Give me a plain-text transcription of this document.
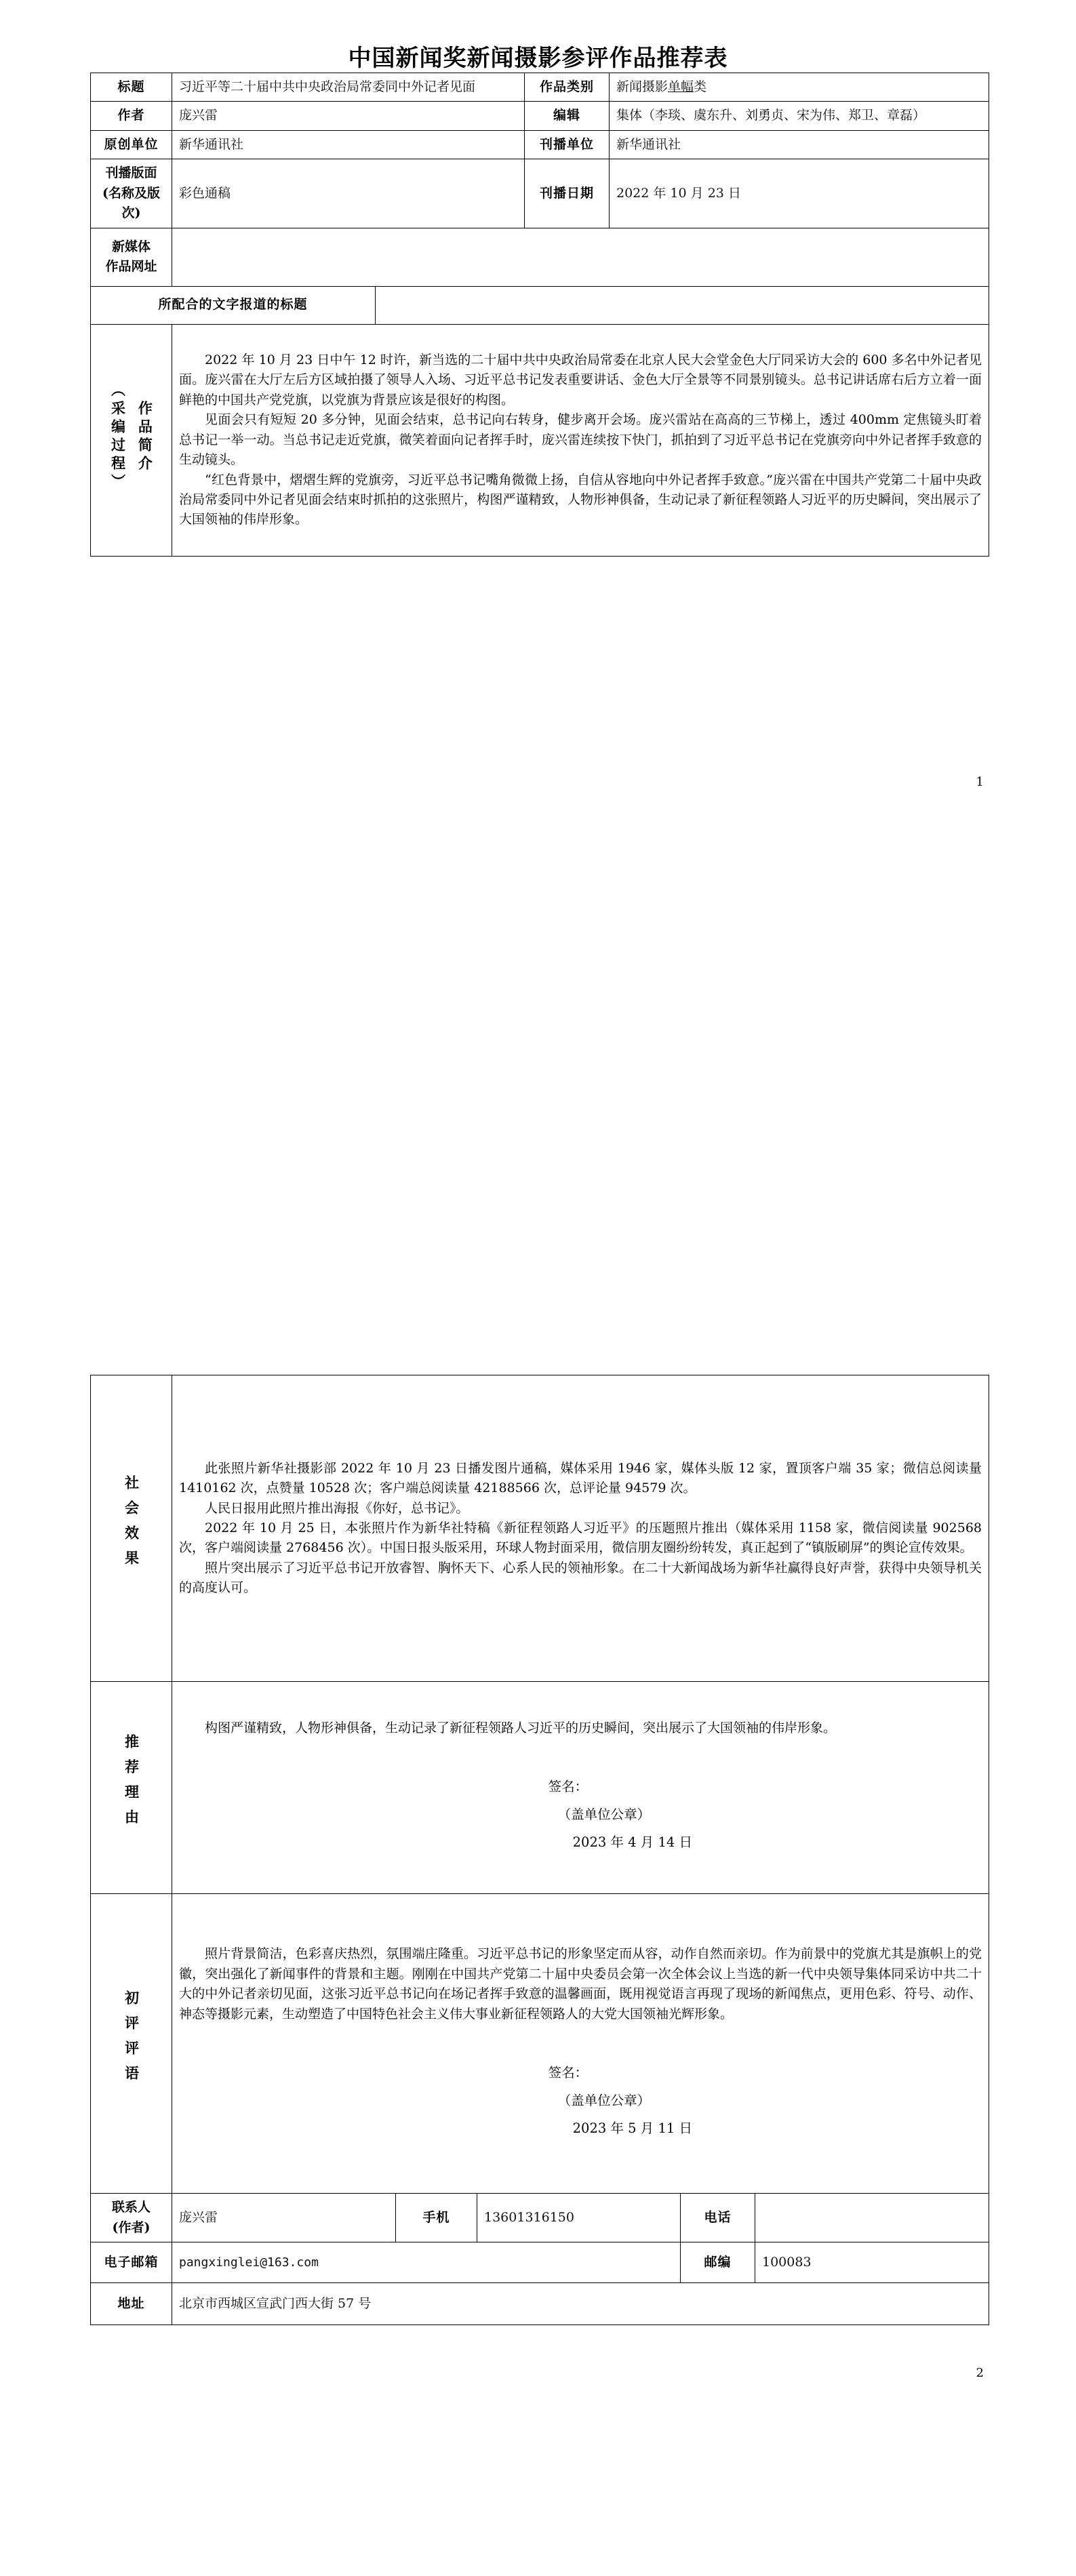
中国新闻奖新闻摄影参评作品推荐表
标题	习近平等二十届中共中央政治局常委同中外记者见面		作品类别	新闻摄影单幅类
作者	庞兴雷		编辑	集体（李琰、虞东升、刘勇贞、宋为伟、郑卫、章磊）
原创单位	新华通讯社		刊播单位	新华通讯社

刊播版面
(名称及版次)	彩色通稿		刊播日期	2022 年 10 月 23 日

新媒体
作品网址				

所配合的文字报道的标题				
（采编过程） 作品简介	2022 年 10 月 23 日中午 12 时许，新当选的二十届中共中央政治局常委在北京人民大会堂金色大厅同采访大会的 600 多名中外记者见面。庞兴雷在大厅左后方区域拍摄了领导人入场、习近平总书记发表重要讲话、金色大厅全景等不同景别镜头。总书记讲话席右后方立着一面鲜艳的中国共产党党旗，以党旗为背景应该是很好的构图。

见面会只有短短 20 多分钟，见面会结束，总书记向右转身，健步离开会场。庞兴雷站在高高的三节梯上，透过 400mm 定焦镜头盯着总书记一举一动。当总书记走近党旗，微笑着面向记者挥手时，庞兴雷连续按下快门，抓拍到了习近平总书记在党旗旁向中外记者挥手致意的生动镜头。

“红色背景中，熠熠生辉的党旗旁，习近平总书记嘴角微微上扬，自信从容地向中外记者挥手致意。”庞兴雷在中国共产党第二十届中央政治局常委同中外记者见面会结束时抓拍的这张照片，构图严谨精致，人物形神俱备，生动记录了新征程领路人习近平的历史瞬间，突出展示了大国领袖的伟岸形象。			

1
社会效果	此张照片新华社摄影部 2022 年 10 月 23 日播发图片通稿，媒体采用 1946 家，媒体头版 12 家，置顶客户端 35 家；微信总阅读量 1410162 次，点赞量 10528 次；客户端总阅读量 42188566 次，总评论量 94579 次。

人民日报用此照片推出海报《你好，总书记》。

2022 年 10 月 25 日，本张照片作为新华社特稿《新征程领路人习近平》的压题照片推出（媒体采用 1158 家，微信阅读量 902568 次，客户端阅读量 2768456 次）。中国日报头版采用，环球人物封面采用，微信朋友圈纷纷转发，真正起到了“镇版刷屏”的舆论宣传效果。

照片突出展示了习近平总书记开放睿智、胸怀天下、心系人民的领袖形象。在二十大新闻战场为新华社赢得良好声誉，获得中央领导机关的高度认可。				

推荐理由	构图严谨精致，人物形神俱备，生动记录了新征程领路人习近平的历史瞬间，突出展示了大国领袖的伟岸形象。

签名：
（盖单位公章）
2023 年 4 月 14 日				

初评评语	照片背景简洁，色彩喜庆热烈，氛围端庄隆重。习近平总书记的形象坚定而从容，动作自然而亲切。作为前景中的党旗尤其是旗帜上的党徽，突出强化了新闻事件的背景和主题。刚刚在中国共产党第二十届中央委员会第一次全体会议上当选的新一代中央领导集体同采访中共二十大的中外记者亲切见面，这张习近平总书记向在场记者挥手致意的温馨画面，既用视觉语言再现了现场的新闻焦点，更用色彩、符号、动作、神态等摄影元素，生动塑造了中国特色社会主义伟大事业新征程领路人的大党大国领袖光辉形象。

签名：
（盖单位公章）
2023 年 5 月 11 日				

联系人
(作者)	庞兴雷	手机	13601316150	电话	
电子邮箱	pangxinglei@163.com			邮编	100083
地址	北京市西城区宣武门西大街 57 号				
2
